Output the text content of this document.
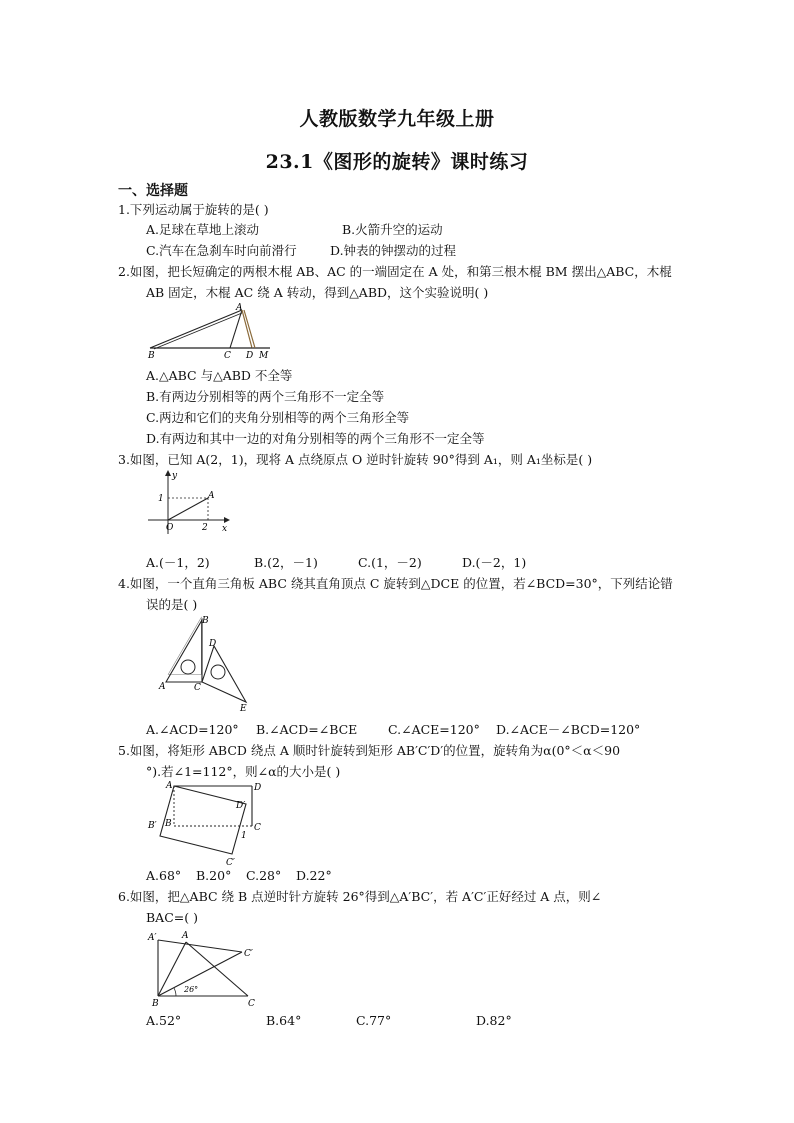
人教版数学九年级上册
23.1《图形的旋转》课时练习
一、选择题
1.下列运动属于旋转的是( )
A.足球在草地上滚动	B.火箭升空的运动
C.汽车在急刹车时向前滑行	D.钟表的钟摆动的过程
2.如图，把长短确定的两根木棍 AB、AC 的一端固定在 A 处，和第三根木棍 BM 摆出△ABC，木棍
AB 固定，木棍 AC 绕 A 转动，得到△ABD，这个实验说明( )
A
B	C D M
A.△ABC 与△ABD 不全等
B.有两边分别相等的两个三角形不一定全等
C.两边和它们的夹角分别相等的两个三角形全等
D.有两边和其中一边的对角分别相等的两个三角形不一定全等
3.如图，已知 A(2，1)，现将 A 点绕原点 O 逆时针旋转 90°得到 A₁，则 A₁坐标是( )
y
x
O
A
1
2
A.(－1，2)	B.(2，－1)	C.(1，－2)	D.(－2，1)
4.如图，一个直角三角板 ABC 绕其直角顶点 C 旋转到△DCE 的位置，若∠BCD=30°，下列结论错
误的是( )
A
B
C
D
E
A.∠ACD=120° B.∠ACD=∠BCE C.∠ACE=120° D.∠ACE－∠BCD=120°
5.如图，将矩形 ABCD 绕点 A 顺时针旋转到矩形 AB′C′D′的位置，旋转角为α(0°＜α＜90
°).若∠1=112°，则∠α的大小是( )
A	D
C
D′
B′ B
C′
1
A.68° B.20° C.28° D.22°
6.如图，把△ABC 绕 B 点逆时针方旋转 26°得到△A′BC′，若 A′C′正好经过 A 点，则∠
BAC=( )
A′	A
C′
B	C
26°
A.52°	B.64°	C.77°	D.82°
